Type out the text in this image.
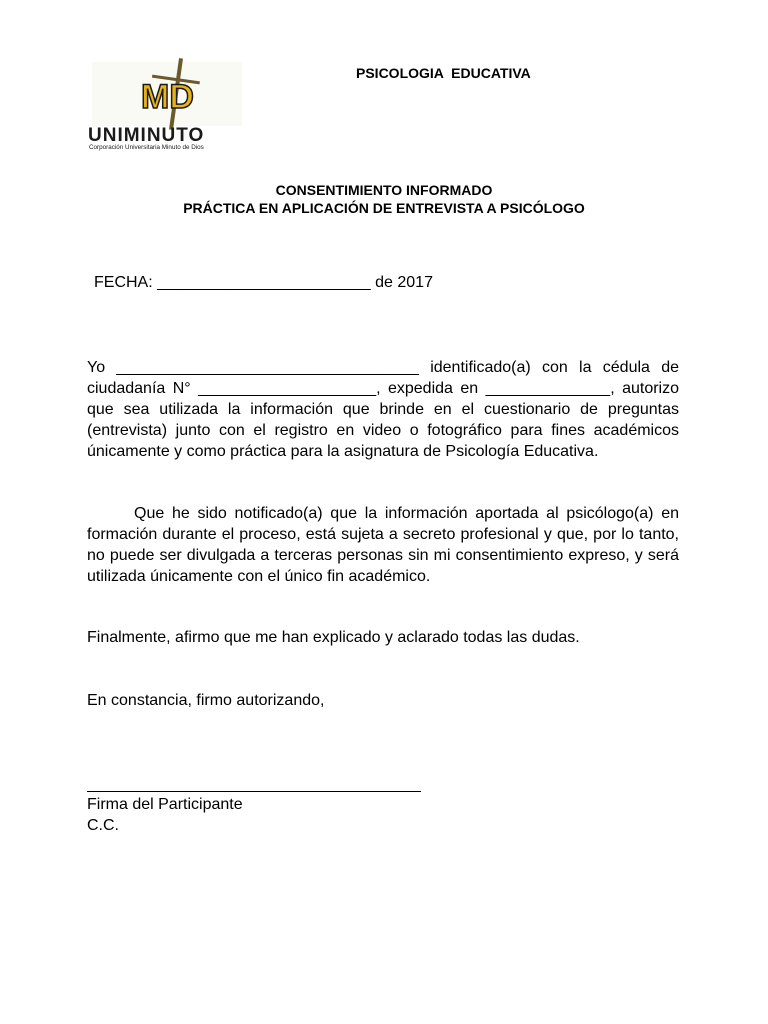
MD
UNIMINUTO
Corporación Universitaria Minuto de Dios
PSICOLOGIA  EDUCATIVA
CONSENTIMIENTO INFORMADO
PRÁCTICA EN APLICACIÓN DE ENTREVISTA A PSICÓLOGO
FECHA: ________________________ de 2017
Yo __________________________________ identificado(a) con la cédula de ciudadanía N° ____________________, expedida en ______________, autorizo que sea utilizada la información que brinde en el cuestionario de preguntas (entrevista) junto con el registro en video o fotográfico para fines académicos únicamente y como práctica para la asignatura de Psicología Educativa.
Que he sido notificado(a) que la información aportada al psicólogo(a) en formación durante el proceso, está sujeta a secreto profesional y que, por lo tanto, no puede ser divulgada a terceras personas sin mi consentimiento expreso, y será utilizada únicamente con el único fin académico.
Finalmente, afirmo que me han explicado y aclarado todas las dudas.
En constancia, firmo autorizando,
Firma del Participante
C.C.
